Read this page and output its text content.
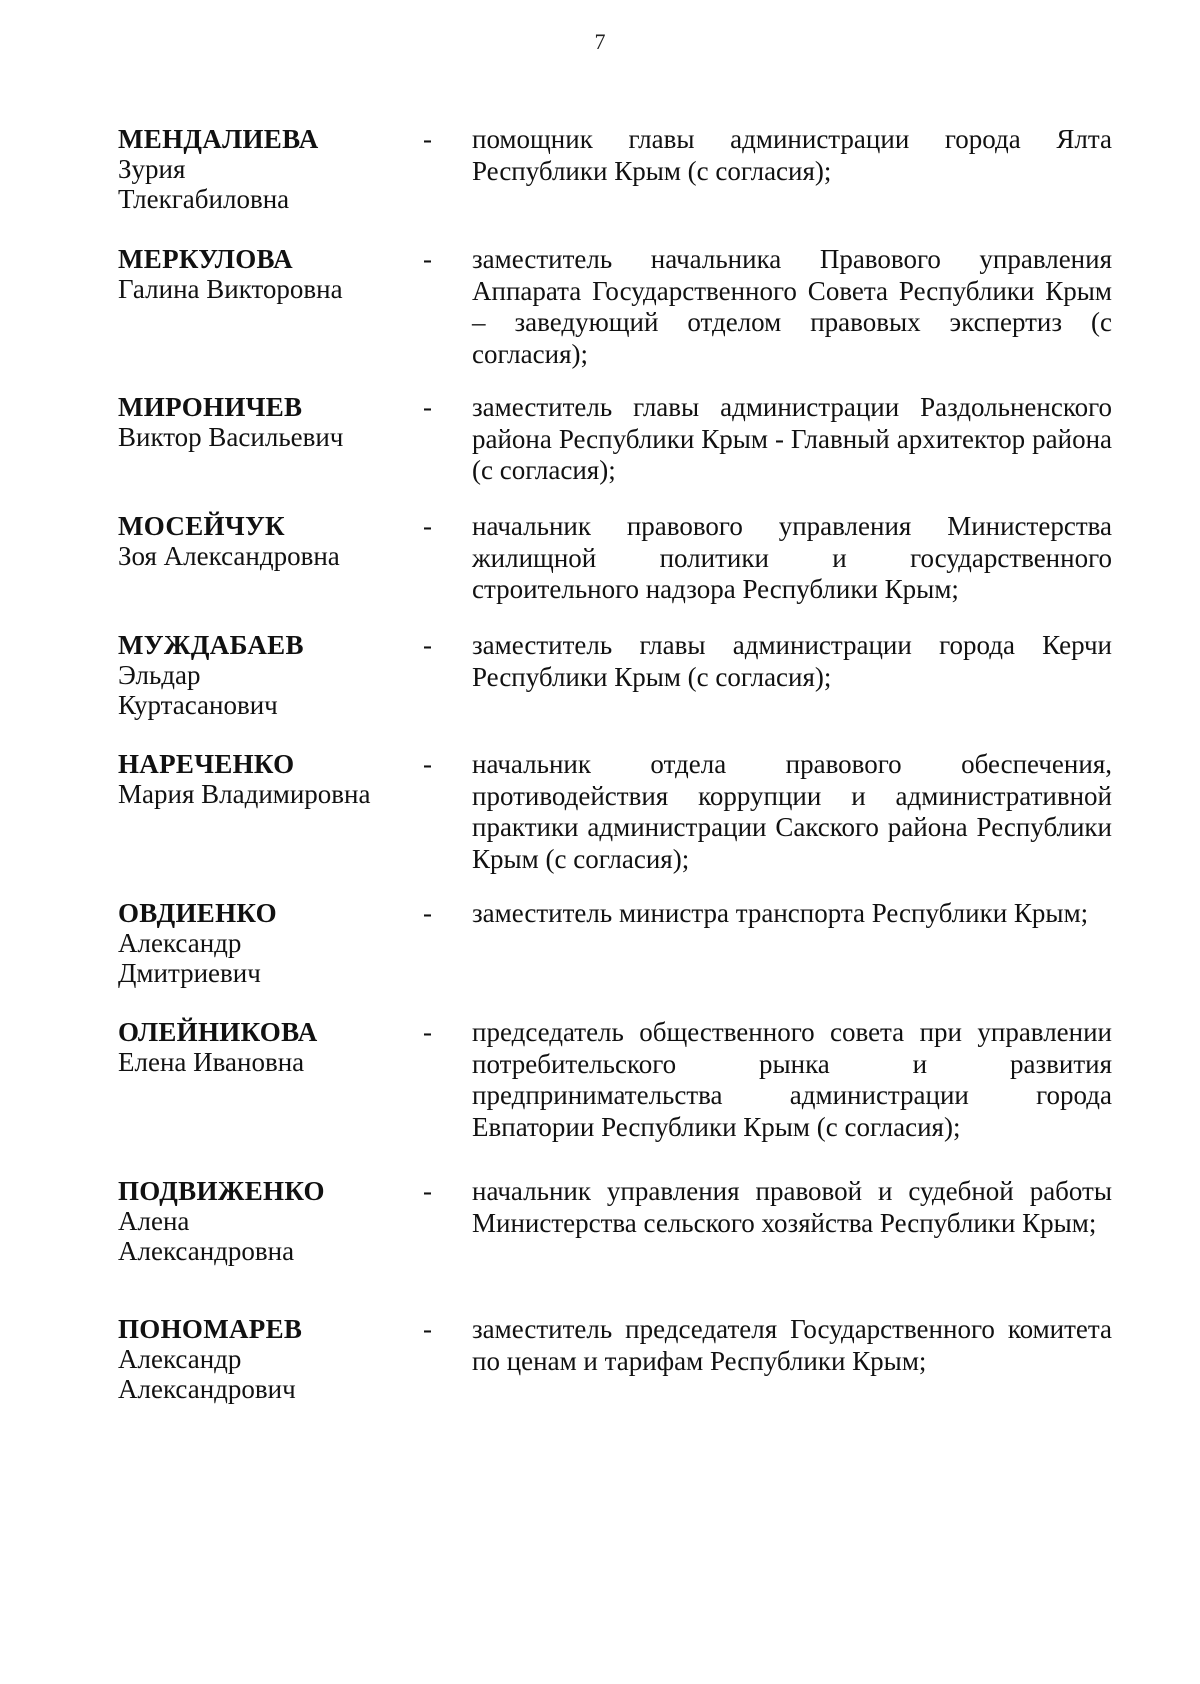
7
МЕНДАЛИЕВА
Зурия
Тлекгабиловна
- помощник главы администрации города Ялта Республики Крым (с согласия);
МЕРКУЛОВА
Галина Викторовна
- заместитель начальника Правового управления Аппарата Государственного Совета Республики Крым – заведующий отделом правовых экспертиз (с согласия);
МИРОНИЧЕВ
Виктор Васильевич
- заместитель главы администрации Раздольненского района Республики Крым - Главный архитектор района (с согласия);
МОСЕЙЧУК
Зоя Александровна
- начальник правового управления Министерства жилищной политики и государственного строительного надзора Республики Крым;
МУЖДАБАЕВ
Эльдар
Куртасанович
- заместитель главы администрации города Керчи Республики Крым (с согласия);
НАРЕЧЕНКО
Мария Владимировна
- начальник отдела правового обеспечения, противодействия коррупции и административной практики администрации Сакского района Республики Крым (с согласия);
ОВДИЕНКО
Александр
Дмитриевич
- заместитель министра транспорта Республики Крым;
ОЛЕЙНИКОВА
Елена Ивановна
- председатель общественного совета при управлении потребительского рынка и развития предпринимательства администрации города Евпатории Республики Крым (с согласия);
ПОДВИЖЕНКО
Алена
Александровна
- начальник управления правовой и судебной работы Министерства сельского хозяйства Республики Крым;
ПОНОМАРЕВ
Александр
Александрович
- заместитель председателя Государственного комитета по ценам и тарифам Республики Крым;
